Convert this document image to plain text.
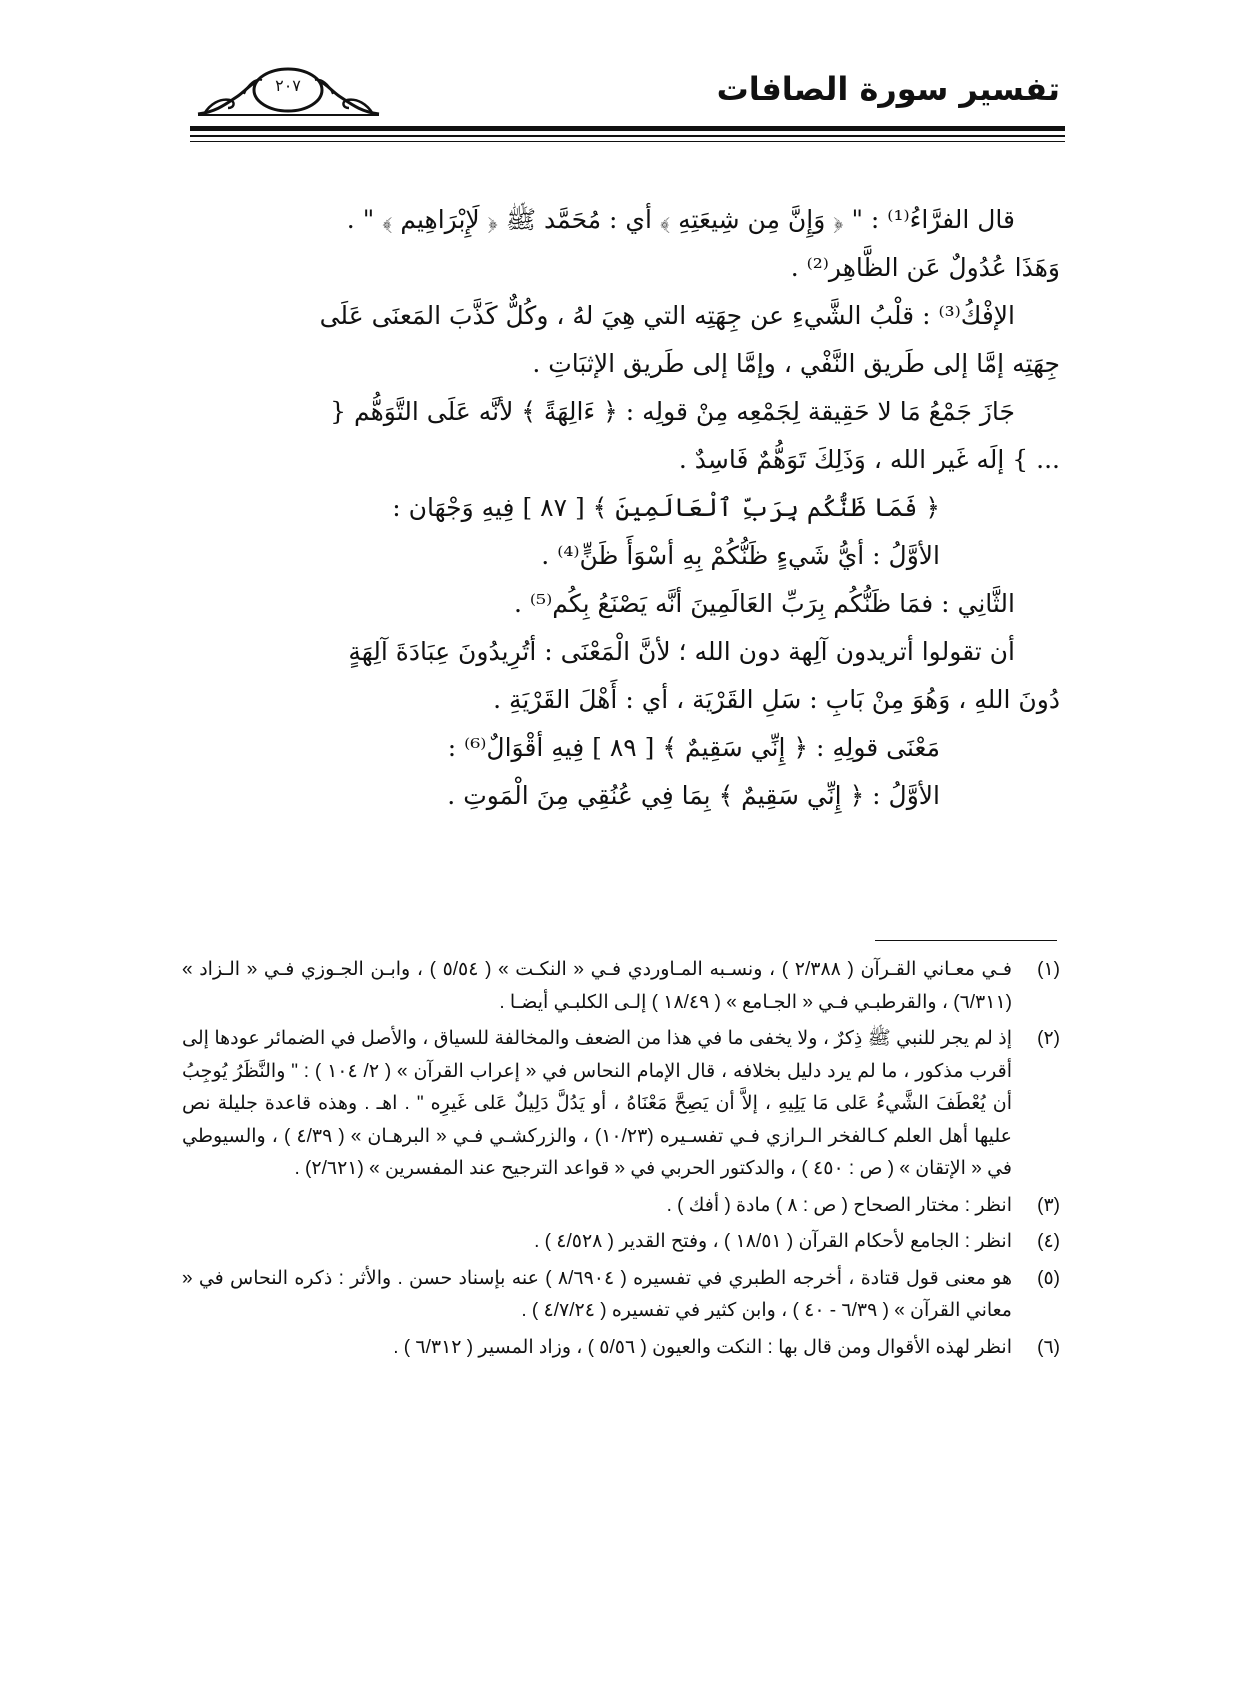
تفسير سورة الصافات
٢٠٧

قال الفرَّاءُ⁽¹⁾ : " ﴿ وَإِنَّ مِن شِيعَتِهِ ﴾ أي : مُحَمَّد ﷺ ﴿ لَإِبْرَاهِيم ﴾ " .

وَهَذَا عُدُولٌ عَن الظَّاهِر⁽²⁾ .

الإفْكُ⁽³⁾ : قلْبُ الشَّيءِ عن جِهَتِه التي هِيَ لهُ ، وكُلٌّ كَذَّبَ المَعنَى عَلَى

جِهَتِه إمَّا إلى طَريق النَّفْي ، وإمَّا إلى طَريق الإثبَاتِ .

جَازَ جَمْعُ مَا لا حَقِيقة لِجَمْعِه مِنْ قولِه : ﴿ ءَالِهَةً ﴾ لأنَّه عَلَى التَّوَهُّم {

... } إلَه غَير الله ، وَذَلِكَ تَوَهُّمٌ فَاسِدٌ .

﴿ فَمَا ظَنُّكُم بِرَبِّ ٱلْعَالَمِينَ ﴾ [ ٨٧ ] فِيهِ وَجْهَان :

الأوَّلُ : أيُّ شَيءٍ ظَنُّكُمْ بِهِ أسْوَأَ ظَنٍّ⁽⁴⁾ .

الثَّانِي : فمَا ظَنُّكُم بِرَبِّ العَالَمِينَ أنَّه يَصْنَعُ بِكُم⁽⁵⁾ .

أن تقولوا أتريدون آلِهة دون الله ؛ لأنَّ الْمَعْنَى : أتُرِيدُونَ عِبَادَةَ آلِهَةٍ

دُونَ اللهِ ، وَهُوَ مِنْ بَابِ : سَلِ القَرْيَة ، أي : أَهْلَ القَرْيَةِ .

مَعْنَى قولِهِ : ﴿ إِنِّي سَقِيمٌ ﴾ [ ٨٩ ] فِيهِ أقْوَالٌ⁽⁶⁾ :

الأوَّلُ : ﴿ إِنِّي سَقِيمٌ ﴾ بِمَا فِي عُنُقِي مِنَ الْمَوتِ .

(١)
فـي معـاني القـرآن ( ٢/٣٨٨ ) ، ونسـبه المـاوردي فـي « النكـت » ( ٥/٥٤ ) ، وابـن الجـوزي فـي « الـزاد » (٦/٣١١) ، والقرطبـي فـي « الجـامع » ( ١٨/٤٩ ) إلـى الكلبـي أيضـا .
(٢)
إذ لم يجر للنبي ﷺ ذِكرٌ ، ولا يخفى ما في هذا من الضعف والمخالفة للسياق ، والأصل في الضمائر عودها إلى أقرب مذكور ، ما لم يرد دليل بخلافه ، قال الإمام النحاس في « إعراب القرآن » ( ٢/ ١٠٤ ) : " والنَّظَرُ يُوجِبُ أن يُعْطَفَ الشَّيءُ عَلى مَا يَلِيهِ ، إلاَّ أن يَصِحَّ مَعْنَاهُ ، أو يَدُلَّ دَلِيلٌ عَلى غَيرِه " . اهـ . وهذه قاعدة جليلة نص عليها أهل العلم كـالفخر الـرازي فـي تفسـيره (١٠/٢٣) ، والزركشـي فـي « البرهـان » ( ٤/٣٩ ) ، والسيوطي في « الإتقان » ( ص : ٤٥٠ ) ، والدكتور الحربي في « قواعد الترجيح عند المفسرين » (٢/٦٢١) .
(٣)
انظر : مختار الصحاح ( ص : ٨ ) مادة ( أفك ) .
(٤)
انظر : الجامع لأحكام القرآن ( ١٨/٥١ ) ، وفتح القدير ( ٤/٥٢٨ ) .
(٥)
هو معنى قول قتادة ، أخرجه الطبري في تفسيره ( ٨/٦٩٠٤ ) عنه بإسناد حسن . والأثر : ذكره النحاس في « معاني القرآن » ( ٦/٣٩ - ٤٠ ) ، وابن كثير في تفسيره ( ٤/٧/٢٤ ) .
(٦)
انظر لهذه الأقوال ومن قال بها : النكت والعيون ( ٥/٥٦ ) ، وزاد المسير ( ٦/٣١٢ ) .
